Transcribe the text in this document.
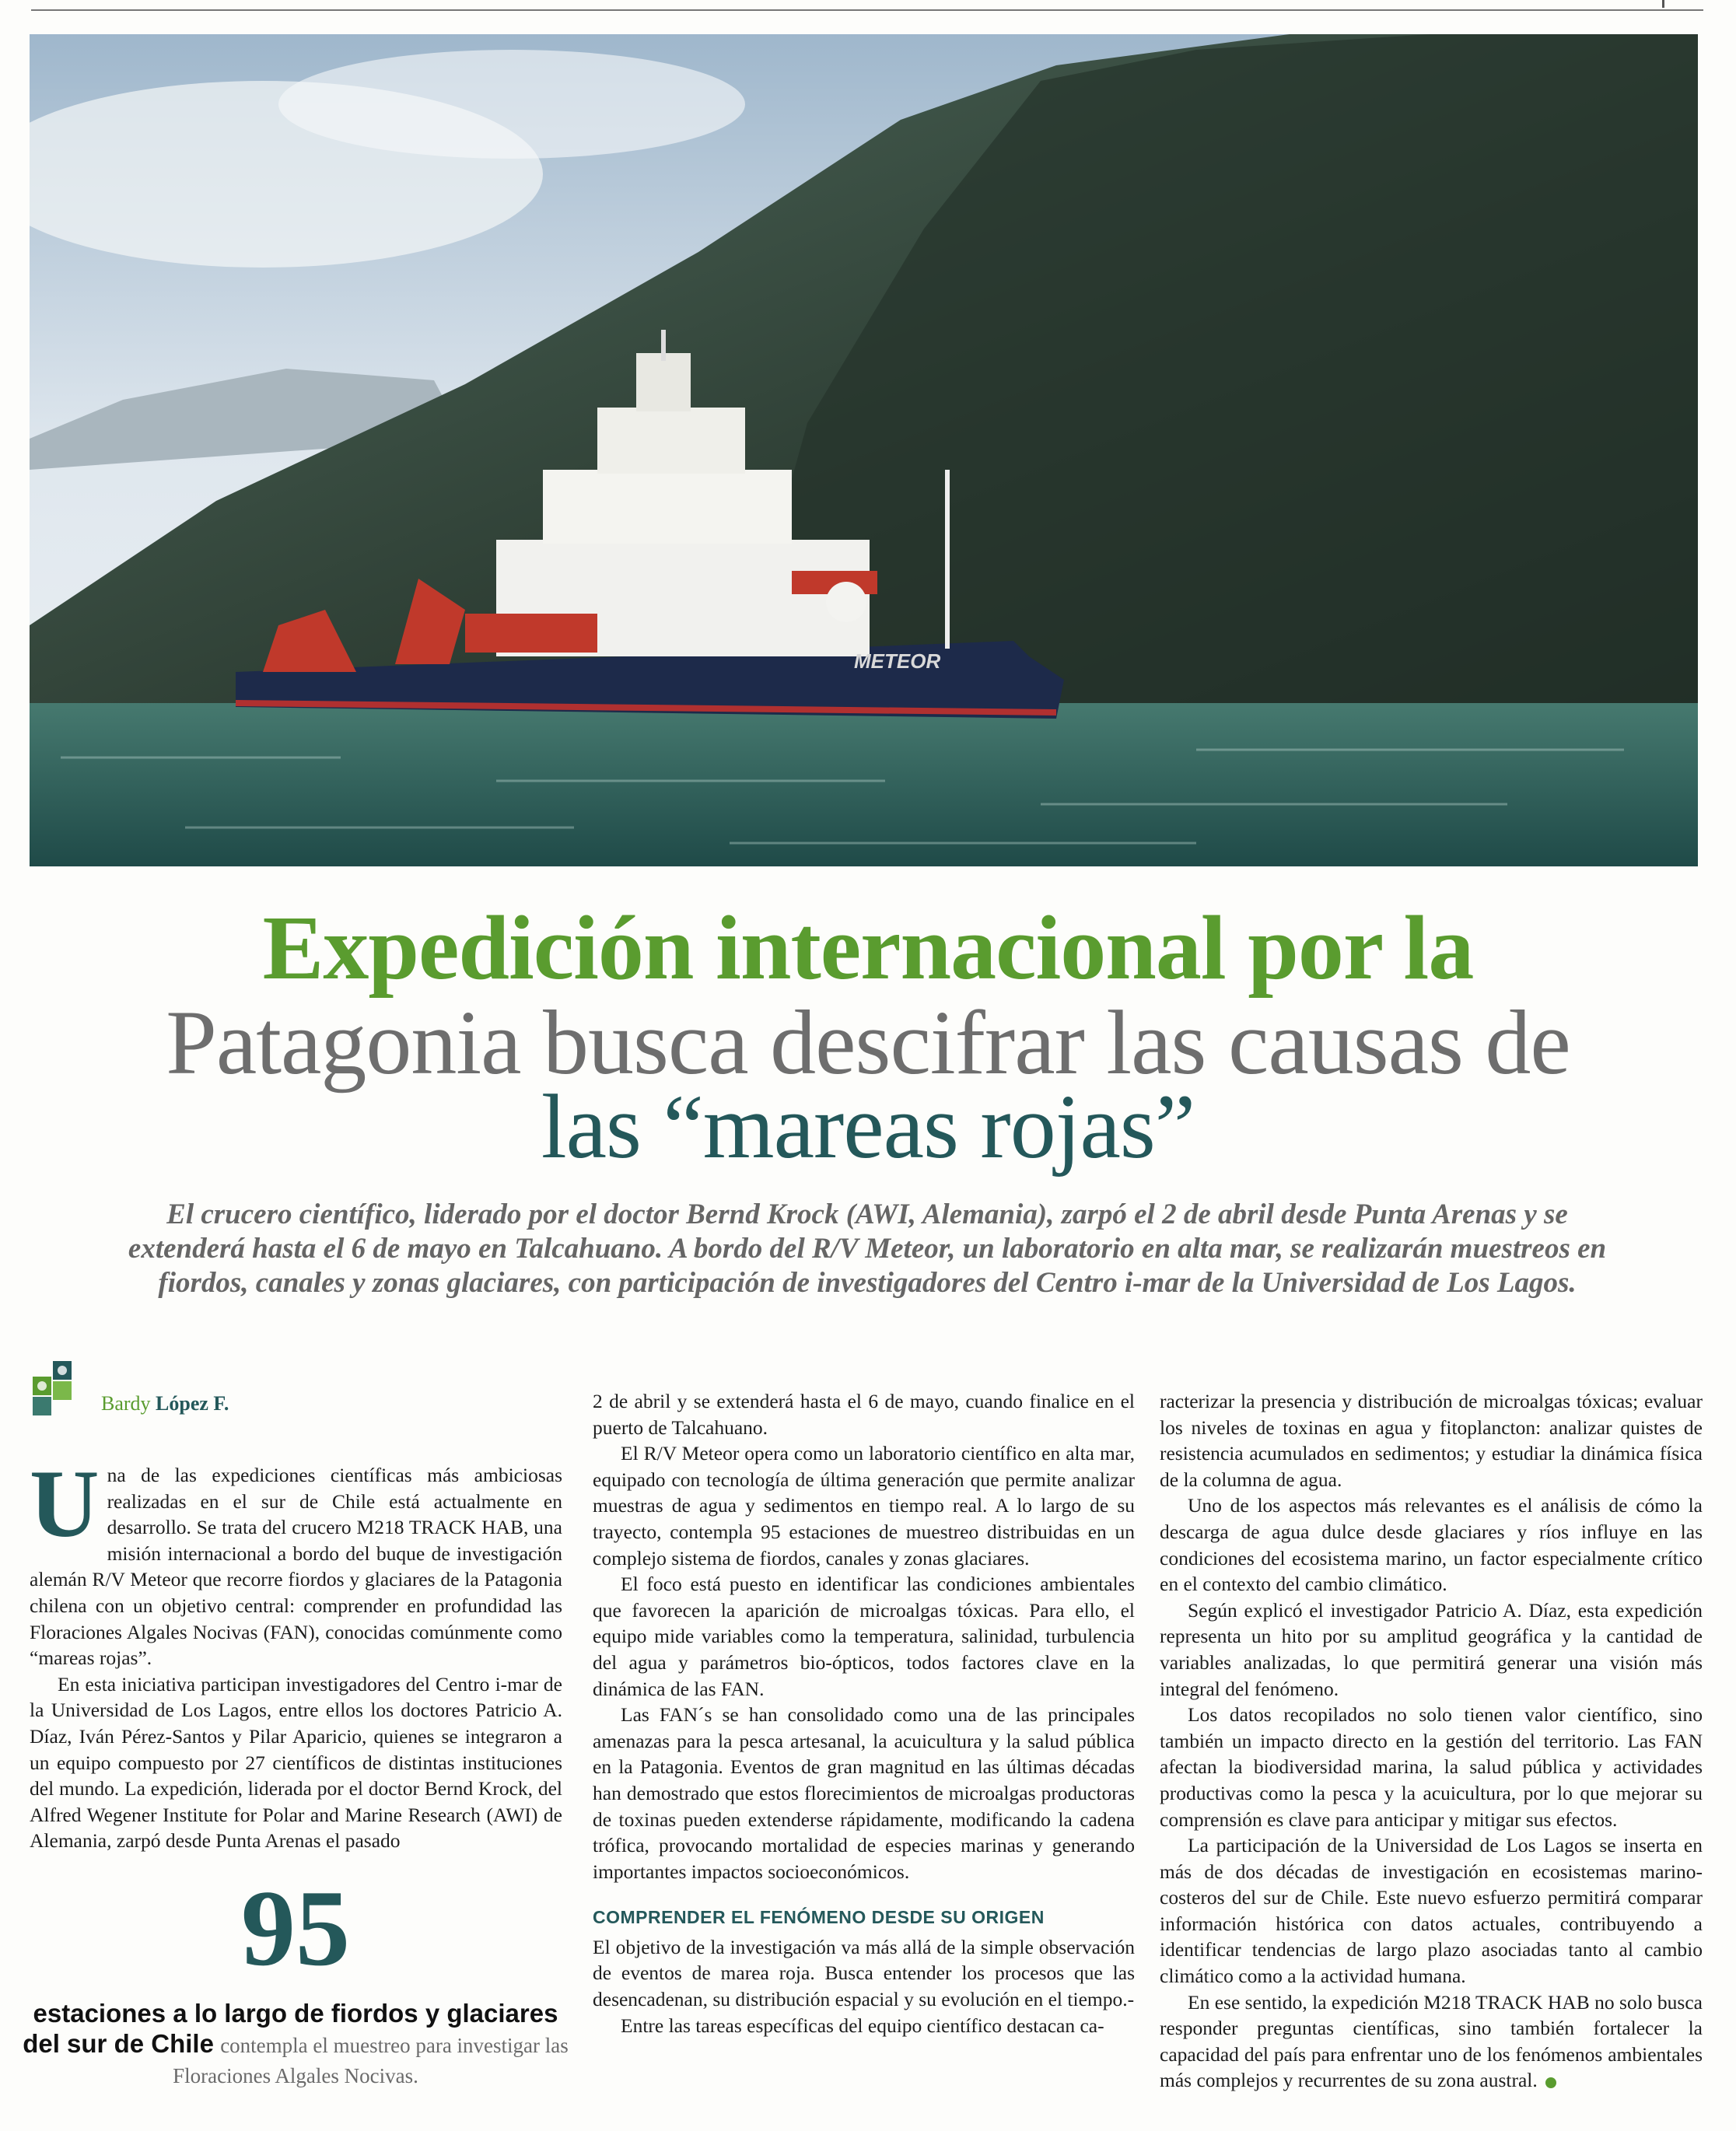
METEOR
Expedición internacional por la
Patagonia busca descifrar las causas de
las “mareas rojas”
El crucero científico, liderado por el doctor Bernd Krock (AWI, Alemania), zarpó el 2 de abril desde Punta Arenas y se extenderá hasta el 6 de mayo en Talcahuano. A bordo del R/V Meteor, un laboratorio en alta mar, se realizarán muestreos en fiordos, canales y zonas glaciares, con participación de investigadores del Centro i-mar de la Universidad de Los Lagos.
Bardy López F.

Una de las expediciones científicas más ambiciosas realizadas en el sur de Chile está actualmente en desarrollo. Se trata del crucero M218 TRACK HAB, una misión internacional a bordo del buque de investigación alemán R/V Meteor que recorre fiordos y glaciares de la Patagonia chilena con un objetivo central: comprender en profundidad las Floraciones Algales Nocivas (FAN), conocidas comúnmente como “mareas rojas”.

En esta iniciativa participan investigadores del Centro i-mar de la Universidad de Los Lagos, entre ellos los doctores Patricio A. Díaz, Iván Pérez-Santos y Pilar Aparicio, quienes se integraron a un equipo compuesto por 27 científicos de distintas instituciones del mundo. La expedición, liderada por el doctor Bernd Krock, del Alfred Wegener Institute for Polar and Marine Research (AWI) de Alemania, zarpó desde Punta Arenas el pasado

95
estaciones a lo largo de fiordos y glaciares del sur de Chile contempla el muestreo para investigar las Floraciones Algales Nocivas.

2 de abril y se extenderá hasta el 6 de mayo, cuando finalice en el puerto de Talcahuano.

El R/V Meteor opera como un laboratorio científico en alta mar, equipado con tecnología de última generación que permite analizar muestras de agua y sedimentos en tiempo real. A lo largo de su trayecto, contempla 95 estaciones de muestreo distribuidas en un complejo sistema de fiordos, canales y zonas glaciares.

El foco está puesto en identificar las condiciones ambientales que favorecen la aparición de microalgas tóxicas. Para ello, el equipo mide variables como la temperatura, salinidad, turbulencia del agua y parámetros bio-ópticos, todos factores clave en la dinámica de las FAN.

Las FAN´s se han consolidado como una de las principales amenazas para la pesca artesanal, la acuicultura y la salud pública en la Patagonia. Eventos de gran magnitud en las últimas décadas han demostrado que estos florecimientos de microalgas productoras de toxinas pueden extenderse rápidamente, modificando la cadena trófica, provocando mortalidad de especies marinas y generando importantes impactos socioeconómicos.

COMPRENDER EL FENÓMENO DESDE SU ORIGEN

El objetivo de la investigación va más allá de la simple observación de eventos de marea roja. Busca entender los procesos que las desencadenan, su distribución espacial y su evolución en el tiempo.-

Entre las tareas específicas del equipo científico destacan ca-

racterizar la presencia y distribución de microalgas tóxicas; evaluar los niveles de toxinas en agua y fitoplancton: analizar quistes de resistencia acumulados en sedimentos; y estudiar la dinámica física de la columna de agua.

Uno de los aspectos más relevantes es el análisis de cómo la descarga de agua dulce desde glaciares y ríos influye en las condiciones del ecosistema marino, un factor especialmente crítico en el contexto del cambio climático.

Según explicó el investigador Patricio A. Díaz, esta expedición representa un hito por su amplitud geográfica y la cantidad de variables analizadas, lo que permitirá generar una visión más integral del fenómeno.

Los datos recopilados no solo tienen valor científico, sino también un impacto directo en la gestión del territorio. Las FAN afectan la biodiversidad marina, la salud pública y actividades productivas como la pesca y la acuicultura, por lo que mejorar su comprensión es clave para anticipar y mitigar sus efectos.

La participación de la Universidad de Los Lagos se inserta en más de dos décadas de investigación en ecosistemas marino-costeros del sur de Chile. Este nuevo esfuerzo permitirá comparar información histórica con datos actuales, contribuyendo a identificar tendencias de largo plazo asociadas tanto al cambio climático como a la actividad humana.

En ese sentido, la expedición M218 TRACK HAB no solo busca responder preguntas científicas, sino también fortalecer la capacidad del país para enfrentar uno de los fenómenos ambientales más complejos y recurrentes de su zona austral.
